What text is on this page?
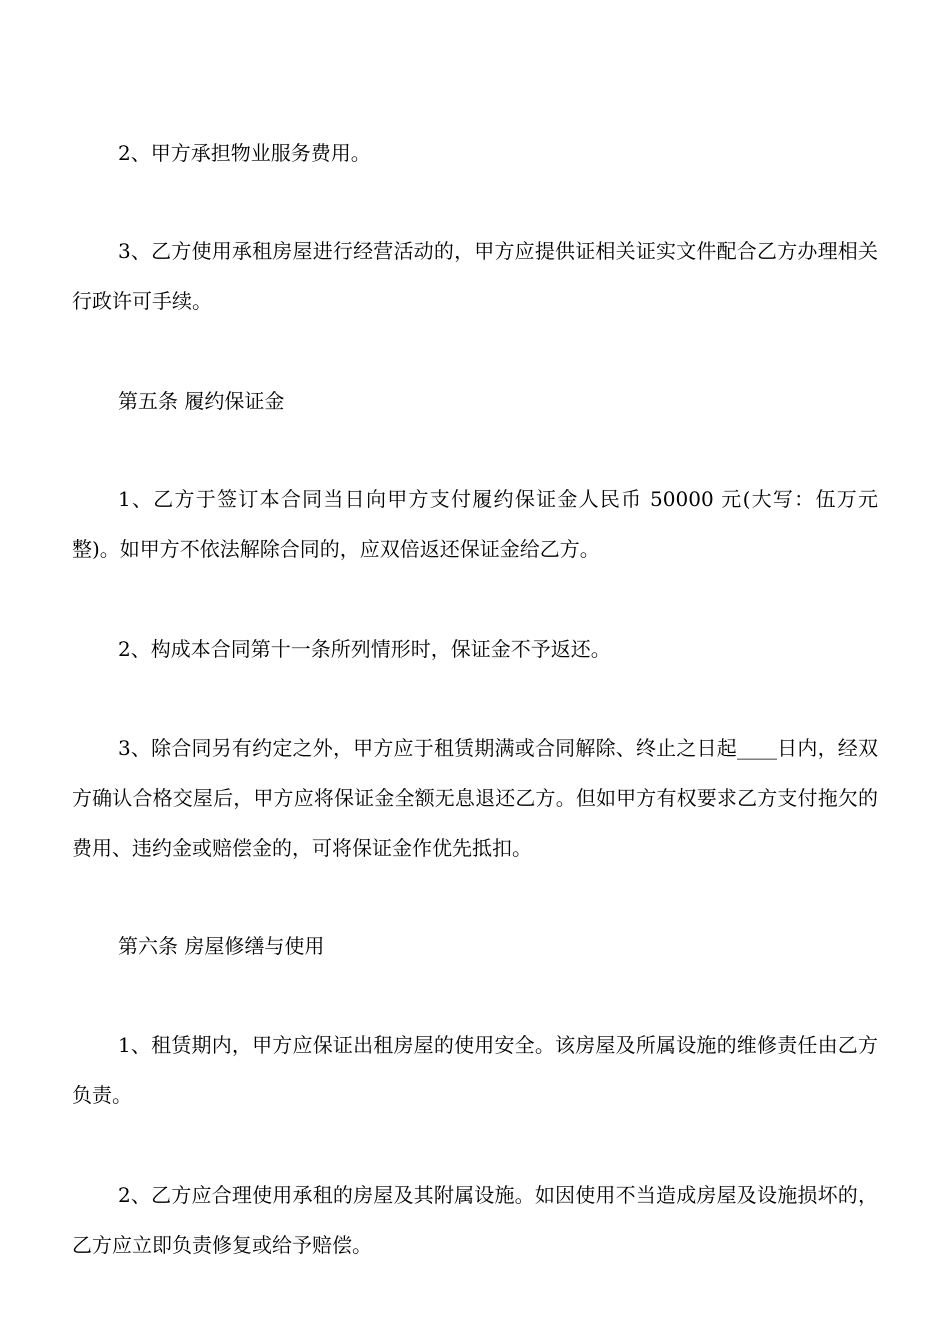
2、甲方承担物业服务费用。

3、乙方使用承租房屋进行经营活动的，甲方应提供证相关证实文件配合乙方办理相关行政许可手续。

第五条 履约保证金

1、乙方于签订本合同当日向甲方支付履约保证金人民币 50000 元(大写：伍万元整)。如甲方不依法解除合同的，应双倍返还保证金给乙方。

2、构成本合同第十一条所列情形时，保证金不予返还。

3、除合同另有约定之外，甲方应于租赁期满或合同解除、终止之日起____日内，经双方确认合格交屋后，甲方应将保证金全额无息退还乙方。但如甲方有权要求乙方支付拖欠的费用、违约金或赔偿金的，可将保证金作优先抵扣。

第六条 房屋修缮与使用

1、租赁期内，甲方应保证出租房屋的使用安全。该房屋及所属设施的维修责任由乙方负责。

2、乙方应合理使用承租的房屋及其附属设施。如因使用不当造成房屋及设施损坏的，乙方应立即负责修复或给予赔偿。
